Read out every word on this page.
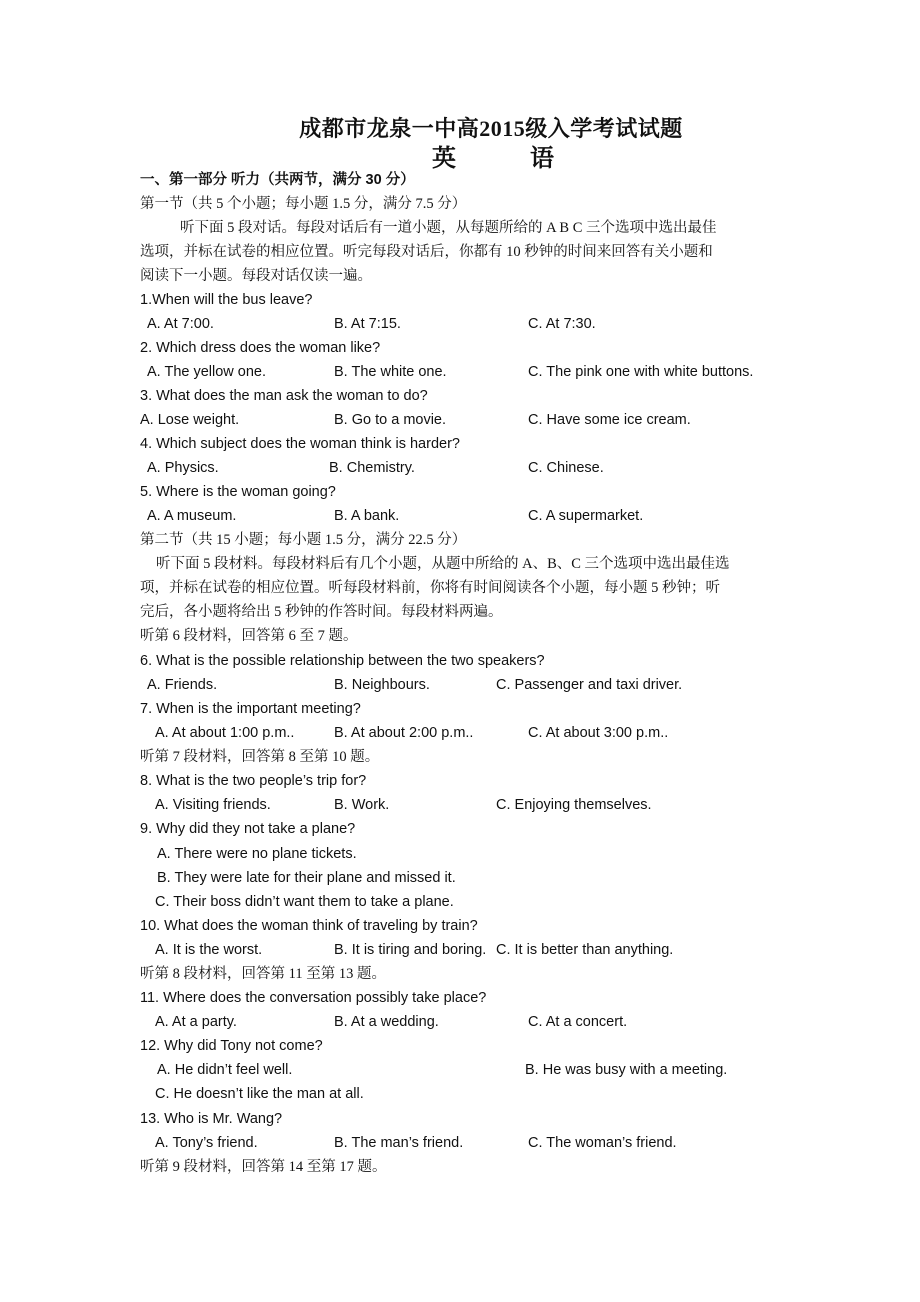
成都市龙泉一中高2015级入学考试试题
英	语
一、第一部分 听力（共两节，满分 30 分）
第一节（共 5 个小题；每小题 1.5 分，满分 7.5 分）
听下面 5 段对话。每段对话后有一道小题，从每题所给的 A B C 三个选项中选出最佳
选项，并标在试卷的相应位置。听完每段对话后，你都有 10 秒钟的时间来回答有关小题和
阅读下一小题。每段对话仅读一遍。
1.When will the bus leave?
A. At 7:00.	B. At 7:15.	C. At 7:30.
2. Which dress does the woman like?
A. The yellow one.	B. The white one.	C. The pink one with white buttons.
3. What does the man ask the woman to do?
A. Lose weight.	B. Go to a movie.	C. Have some ice cream.
4. Which subject does the woman think is harder?
A. Physics.	B. Chemistry.	C. Chinese.
5. Where is the woman going?
A. A museum.	B. A bank.	C. A supermarket.
第二节（共 15 小题；每小题 1.5 分，满分 22.5 分）
听下面 5 段材料。每段材料后有几个小题，从题中所给的 A、B、C 三个选项中选出最佳选
项，并标在试卷的相应位置。听每段材料前，你将有时间阅读各个小题，每小题 5 秒钟；听
完后，各小题将给出 5 秒钟的作答时间。每段材料两遍。
听第 6 段材料，回答第 6 至 7 题。
6. What is the possible relationship between the two speakers?
A. Friends.	B. Neighbours.	C. Passenger and taxi driver.
7. When is the important meeting?
A. At about 1:00 p.m..	B. At about 2:00 p.m..	C. At about 3:00 p.m..
听第 7 段材料，回答第 8 至第 10 题。
8. What is the two people’s trip for?
A. Visiting friends.	B. Work.	C. Enjoying themselves.
9. Why did they not take a plane?
A. There were no plane tickets.
B. They were late for their plane and missed it.
C. Their boss didn’t want them to take a plane.
10. What does the woman think of traveling by train?
A. It is the worst.	B. It is tiring and boring. C. It is better than anything.
听第 8 段材料，回答第 11 至第 13 题。
11. Where does the conversation possibly take place?
A. At a party.	B. At a wedding.	C. At a concert.
12. Why did Tony not come?
A. He didn’t feel well.	B. He was busy with a meeting.
C. He doesn’t like the man at all.
13. Who is Mr. Wang?
A. Tony’s friend.	B. The man’s friend.	C. The woman’s friend.
听第 9 段材料，回答第 14 至第 17 题。
